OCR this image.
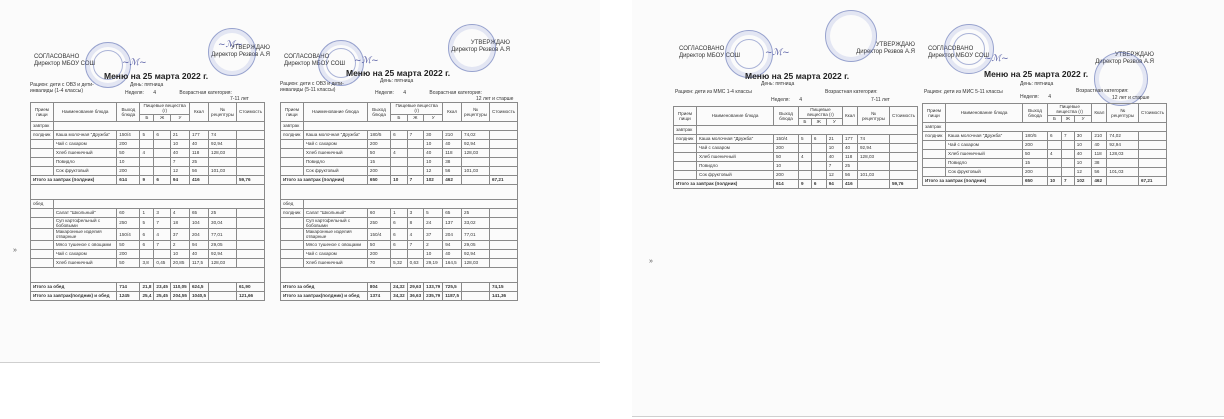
СОГЛАСОВАНО
Директор МБОУ СОШ
УТВЕРЖДАЮ
Директор Резвов А.Я
~ℳ~
~ℳ~
Меню на 25 марта 2022 г.
Рацион: дети с ОВЗ и дети-инвалиды (1-4 классы)
День: пятница
Неделя: 4	Возрастная категория:
7-11 лет
Прием пищи	Наименование блюда	Выход блюда	Пищевые вещества (г)			Ккал	№ рецептуры	Стоимость
			Б	Ж	У			
завтрак								
полдник	Каша молочная "Дружба"	150/4	5	6	21	177	74	
	Чай с сахаром	200			10	40	92,94	
	Хлеб пшеничный	50	4		40	118	128,03	
	Повидло	10			7	25		
	Сок фруктовый	200			12	56	101,03	
Итого за завтрак (полдник)		614	9	6	94	416		59,76

обед								
	Салат "Школьный"	60	1	3	4	65	25	
	Суп картофельный с бобовыми	250	5	7	18	104	30,04	
	Макаронные изделия отварные	150/4	6	4	37	204	77,01	
	Мясо тушеное с овощами	50	6	7	2	94	29,05	
	Чай с сахаром	200			10	40	92,94	
	Хлеб пшеничный	50	3,8	0,45	20,85	117,5	128,03	

Итого за обед		714	21,8	23,45	110,05	624,5		61,90
Итого за завтрак(полдник) и обед		1245	25,4	25,45	204,55	1040,5		121,66
СОГЛАСОВАНО
Директор МБОУ СОШ
УТВЕРЖДАЮ
Директор Резвов А.Я
~ℳ~
Меню на 25 марта 2022 г.
Рацион: дети с ОВЗ и дети-инвалиды (5-11 классы)
День: пятница
Неделя: 4	Возрастная категория:
12 лет и старше
Прием пищи	Наименование блюда	Выход блюда	Пищевые вещества (г)			Ккал	№ рецептуры	Стоимость
			Б	Ж	У			
завтрак								
полдник	Каша молочная "Дружба"	180/5	6	7	30	210	74,02	
	Чай с сахаром	200			10	40	92,94	
	Хлеб пшеничный	50	4		40	118	128,03	
	Повидло	15			10	38		
	Сок фруктовый	200			12	56	101,03	
Итого за завтрак (полдник)		650	10	7	102	462		67,21

обед								
полдник	Салат "Школьный"	60	1	3	5	65	25	
	Суп картофельный с бобовыми	250	6	8	24	137	33,02	
	Макаронные изделия отварные	150/4	6	4	37	204	77,01	
	Мясо тушеное с овощами	50	6	7	2	94	29,05	
	Чай с сахаром	200			10	40	92,94	
	Хлеб пшеничный	70	5,32	0,63	29,19	164,5	128,03	

Итого за обед		804	24,32	29,63	133,79	725,5		74,15
Итого за завтрак(полдник) и обед		1374	34,32	36,63	235,79	1187,5		141,36
»
СОГЛАСОВАНО
Директор МБОУ СОШ
УТВЕРЖДАЮ
Директор Резвов А.Я
~ℳ~
Меню на 25 марта 2022 г.
Рацион: дети из ММС 1-4 классы
День: пятница
Возрастная категория:
Неделя: 4	7-11 лет
Прием пищи	Наименование блюда	Выход блюда	Пищевые вещества (г)			Ккал	№ рецептуры	Стоимость
			Б	Ж	У			
завтрак								
полдник	Каша молочная "Дружба"	150/4	5	6	21	177	74	
	Чай с сахаром	200			10	40	92,94	
	Хлеб пшеничный	50	4		40	118	128,03	
	Повидло	10			7	25		
	Сок фруктовый	200			12	56	101,03	
Итого за завтрак (полдник)		614	9	6	94	416		59,76
СОГЛАСОВАНО
Директор МБОУ СОШ	УТВЕРЖДАЮ
Директор Резвов А.Я
~ℳ~
Меню на 25 марта 2022 г.
Рацион: дети из МИС 5-11 классы
День: пятница
Возрастная категория:
Неделя: 4	12 лет и старше
Прием пищи	Наименование блюда	Выход блюда	Пищевые вещества (г)			Ккал	№ рецептуры	Стоимость
			Б	Ж	У			
завтрак								
полдник	Каша молочная "Дружба"	180/5	6	7	30	210	74,02	
	Чай с сахаром	200			10	40	92,94	
	Хлеб пшеничный	50	4		40	118	128,03	
	Повидло	15			10	38		
	Сок фруктовый	200			12	56	101,03	
Итого за завтрак (полдник)		650	10	7	102	462		67,21
»
